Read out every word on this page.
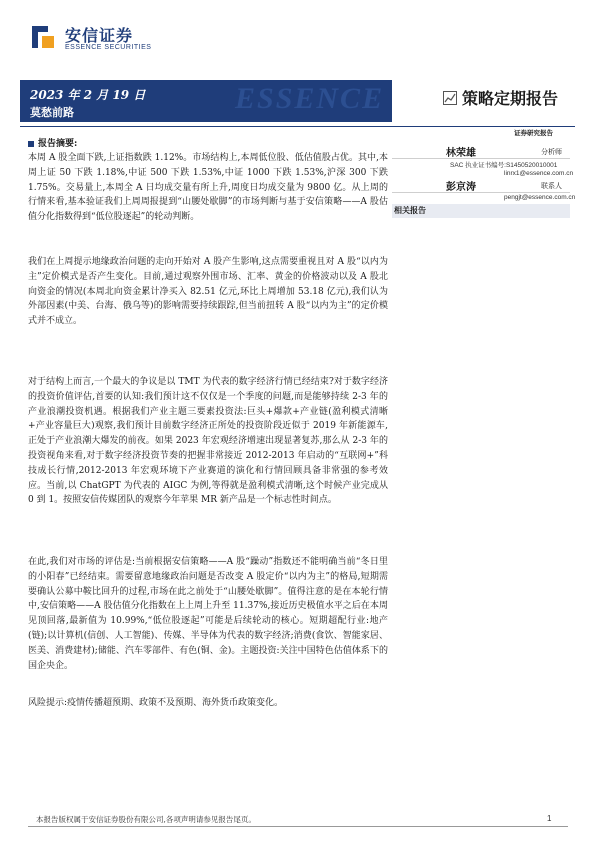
安信证券
ESSENCE SECURITIES
ESSENCE
2023 年 2 月 19 日
莫愁前路
策略定期报告
报告摘要:

本周 A 股全面下跌,上证指数跌 1.12%。市场结构上,本周低位股、低估值股占优。其中,本周上证 50 下跌 1.18%,中证 500 下跌 1.53%,中证 1000 下跌 1.53%,沪深 300 下跌 1.75%。交易量上,本周全 A 日均成交量有所上升,周度日均成交量为 9800 亿。从上周的行情来看,基本验证我们上周周报提到“山腰处歇脚”的市场判断与基于安信策略——A 股估值分化指数得到“低位股逐起”的轮动判断。

我们在上周提示地缘政治问题的走向开始对 A 股产生影响,这点需要重视且对 A 股“以内为主”定价模式是否产生变化。目前,通过观察外围市场、汇率、黄金的价格波动以及 A 股北向资金的情况(本周北向资金累计净买入 82.51 亿元,环比上周增加 53.18 亿元),我们认为外部因素(中美、台海、俄乌等)的影响需要持续跟踪,但当前扭转 A 股“以内为主”的定价模式并不成立。

对于结构上而言,一个最大的争议是以 TMT 为代表的数字经济行情已经结束?对于数字经济的投资价值评估,首要的认知:我们预计这不仅仅是一个季度的问题,而是能够持续 2-3 年的产业浪潮投资机遇。根据我们产业主题三要素投资法:巨头+爆款+产业链(盈利模式清晰+产业容量巨大)观察,我们预计目前数字经济正所处的投资阶段近似于 2019 年新能源车,正处于产业浪潮大爆发的前夜。如果 2023 年宏观经济增速出现显著复苏,那么从 2-3 年的投资视角来看,对于数字经济投资节奏的把握非常接近 2012-2013 年启动的“互联网+”科技成长行情,2012-2013 年宏观环境下产业赛道的演化和行情回顾具备非常强的参考效应。当前,以 ChatGPT 为代表的 AIGC 为例,等得就是盈利模式清晰,这个时候产业完成从 0 到 1。按照安信传媒团队的观察今年苹果 MR 新产品是一个标志性时间点。

在此,我们对市场的评估是:当前根据安信策略——A 股“躁动”指数还不能明确当前“冬日里的小阳春”已经结束。需要留意地缘政治问题是否改变 A 股定价“以内为主”的格局,短期需要确认公募中鞍比回升的过程,市场在此之前处于“山腰处歇脚”。值得注意的是在本轮行情中,安信策略——A 股估值分化指数在上上周上升至 11.37%,接近历史极值水平之后在本周见顶回落,最新值为 10.99%,“低位股逐起”可能是后续轮动的核心。短期超配行业:地产(链);以计算机(信创、人工智能)、传媒、半导体为代表的数字经济;消费(食饮、智能家居、医美、消费建材);储能、汽车零部件、有色(铜、金)。主题投资:关注中国特色估值体系下的国企央企。

风险提示:疫情传播超预期、政策不及预期、海外货币政策变化。

证券研究报告
林荣雄	分析师
SAC 执业证书编号:S1450520010001
linrx1@essence.com.cn
彭京涛	联系人
pengjt@essence.com.cn
相关报告
本报告版权属于安信证券股份有限公司,各项声明请参见报告尾页。	1
